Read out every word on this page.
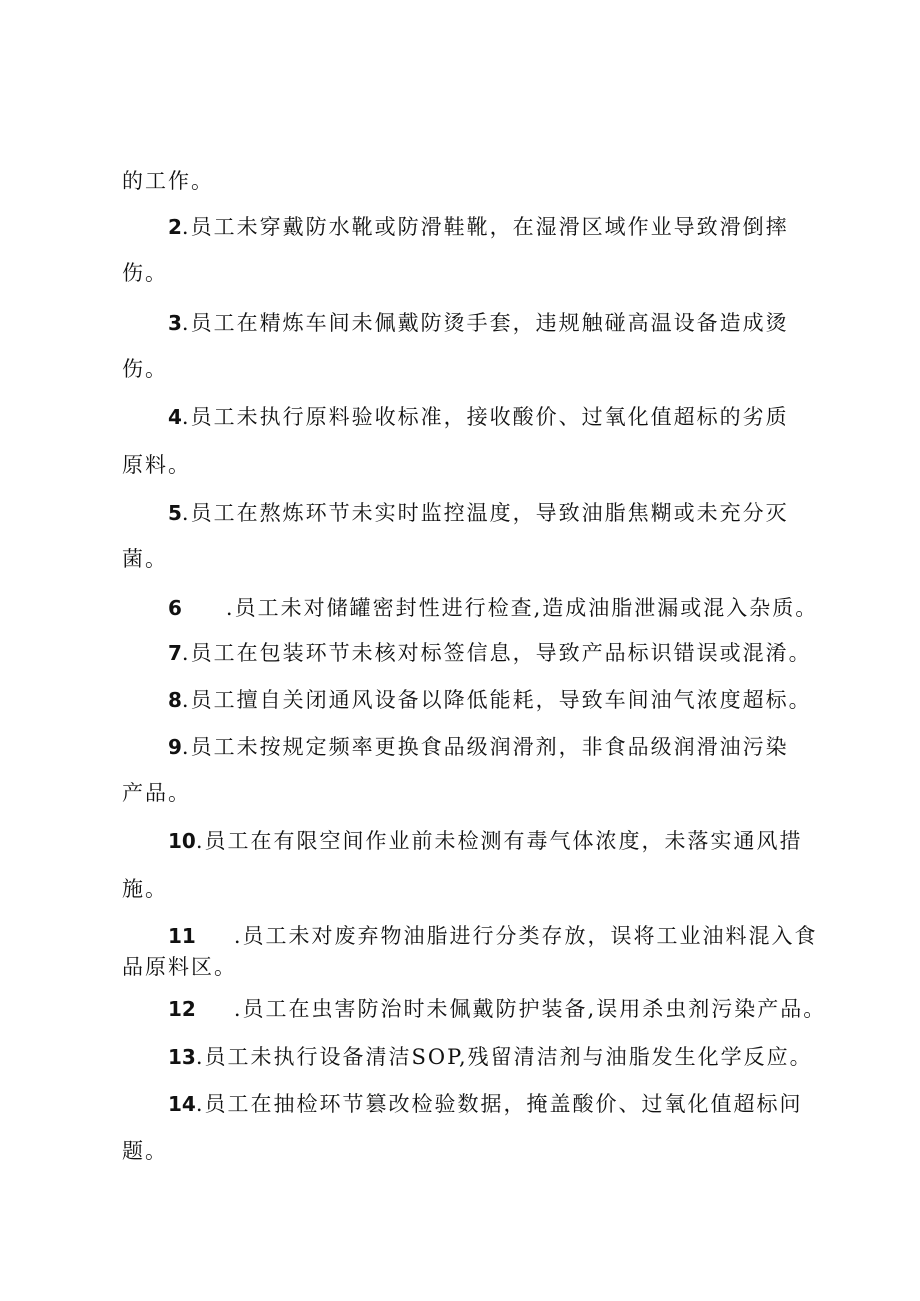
的工作。
2.员工未穿戴防水靴或防滑鞋靴，在湿滑区域作业导致滑倒摔
伤。
3.员工在精炼车间未佩戴防烫手套，违规触碰高温设备造成烫
伤。
4.员工未执行原料验收标准，接收酸价、过氧化值超标的劣质
原料。
5.员工在熬炼环节未实时监控温度，导致油脂焦糊或未充分灭
菌。
6 .员工未对储罐密封性进行检查,造成油脂泄漏或混入杂质。
7.员工在包装环节未核对标签信息，导致产品标识错误或混淆。
8.员工擅自关闭通风设备以降低能耗，导致车间油气浓度超标。
9.员工未按规定频率更换食品级润滑剂，非食品级润滑油污染
产品。
10.员工在有限空间作业前未检测有毒气体浓度，未落实通风措
施。
11 .员工未对废弃物油脂进行分类存放，误将工业油料混入食
品原料区。
12 .员工在虫害防治时未佩戴防护装备,误用杀虫剂污染产品。
13.员工未执行设备清洁SOP,残留清洁剂与油脂发生化学反应。
14.员工在抽检环节篡改检验数据，掩盖酸价、过氧化值超标问
题。
